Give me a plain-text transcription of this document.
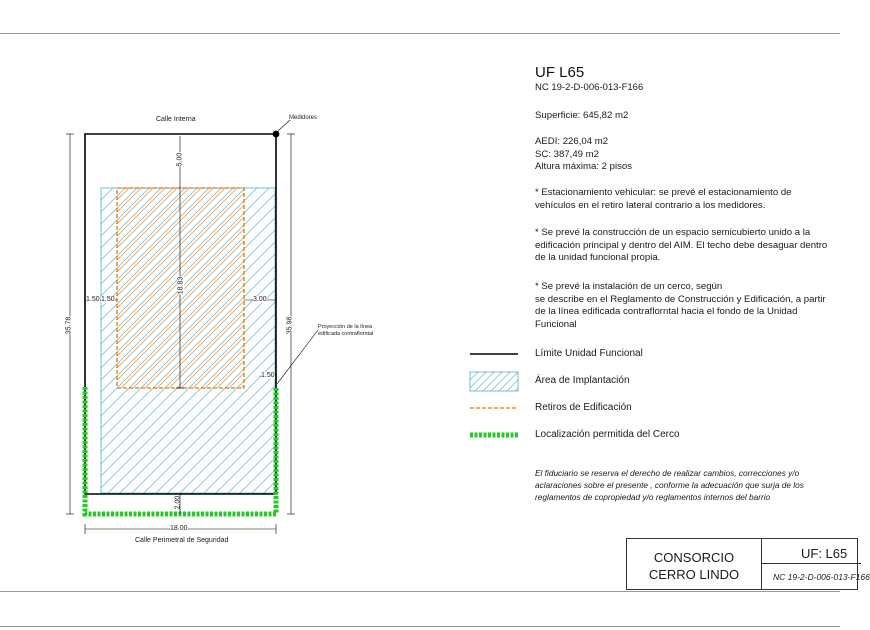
Calle Interna
Calle Perimetral de Seguridad
Medidores
Proyección de la línea
edificada contraflorntal
5.00
18.83
35.78	35.98
1.50 1.50	3.00
1.50
2.00
18.00
UF L65
NC 19-2-D-006-013-F166
Superficie: 645,82 m2
AEDI: 226,04 m2
SC: 387,49 m2
Altura máxima: 2 pisos
* Estacionamiento vehicular: se prevé el estacionamiento de
vehículos en el retiro lateral contrario a los medidores.
* Se prevé la construcción de un espacio semicubierto unido a la
edificación principal y dentro del AIM. El techo debe desaguar dentro
de la unidad funcional propia.
* Se prevé la instalación de un cerco, según
se describe en el Reglamento de Construcción y Edificación, a partir
de la línea edificada contraflorntal hacia el fondo de la Unidad
Funcional
Límite Unidad Funcional
Área de Implantación
Retiros de Edificación
Localización permitida del Cerco
El fiduciario se reserva el derecho de realizar cambios, correcciones y/o
aclaraciones sobre el presente , conforme la adecuación que surja de los
reglamentos de copropiedad y/o reglamentos internos del barrio
CONSORCIO
CERRO LINDO
UF: L65
NC 19-2-D-006-013-F166
